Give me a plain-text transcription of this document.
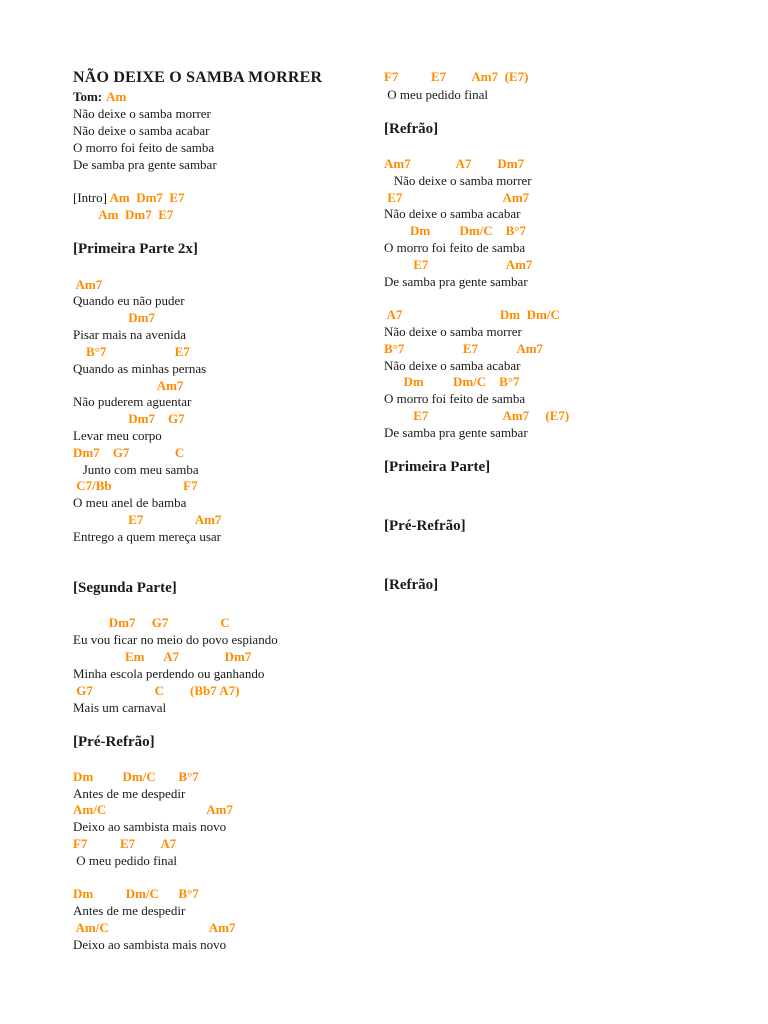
NÃO DEIXE O SAMBA MORRER
Tom: Am
Não deixe o samba morrer
Não deixe o samba acabar
O morro foi feito de samba
De samba pra gente sambar
[Intro] Am  Dm7  E7
Am  Dm7  E7
[Primeira Parte 2x]
Am7
Quando eu não puder
Dm7
Pisar mais na avenida
B°7                     E7
Quando as minhas pernas
Am7
Não puderem aguentar
Dm7    G7
Levar meu corpo
Dm7    G7              C
Junto com meu samba
C7/Bb                      F7
O meu anel de bamba
E7                Am7
Entrego a quem mereça usar
[Segunda Parte]
Dm7     G7                C
Eu vou ficar no meio do povo espiando
Em      A7              Dm7
Minha escola perdendo ou ganhando
G7                   C        (Bb7 A7)
Mais um carnaval
[Pré-Refrão]
Dm         Dm/C       B°7
Antes de me despedir
Am/C                               Am7
Deixo ao sambista mais novo
F7          E7        A7
O meu pedido final
Dm          Dm/C      B°7
Antes de me despedir
Am/C                               Am7
Deixo ao sambista mais novo
F7          E7        Am7  (E7)
O meu pedido final
[Refrão]
Am7              A7        Dm7
Não deixe o samba morrer
E7                               Am7
Não deixe o samba acabar
Dm         Dm/C    B°7
O morro foi feito de samba
E7                        Am7
De samba pra gente sambar
A7                              Dm  Dm/C
Não deixe o samba morrer
B°7                  E7            Am7
Não deixe o samba acabar
Dm         Dm/C    B°7
O morro foi feito de samba
E7                       Am7     (E7)
De samba pra gente sambar
[Primeira Parte]
[Pré-Refrão]
[Refrão]
